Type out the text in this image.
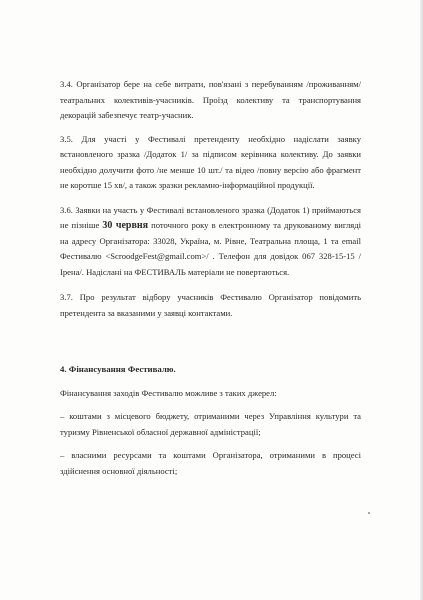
3.4. Організатор бере на себе витрати, пов'язані з перебуванням /проживанням/ театральних колективів-учасників. Проїзд колективу та транспортування декорацій забезпечує театр-учасник.

3.5. Для участі у Фестивалі претенденту необхідно надіслати заявку встановленого зразка /Додаток 1/ за підписом керівника колективу. До заявки необхідно долучити фото /не менше 10 шт./ та відео /повну версію або фрагмент не коротше 15 хв/, а також зразки рекламно-інформаційної продукції.

3.6. Заявки на участь у Фестивалі встановленого зразка (Додаток 1) приймаються не пізніше 30 червня поточного року в електронному та друкованому вигляді на адресу Організатора: 33028, Україна, м. Рівне, Театральна площа, 1 та email Фестивалю <ScroodgeFest@gmail.com>/ . Телефон для довідок 067 328-15-15 /Ірена/. Надіслані на ФЕСТИВАЛЬ матеріали не повертаються.

3.7. Про результат відбору учасників Фестивалю Організатор повідомить претендента за вказаними у заявці контактами.

4. Фінансування Фестивалю.

Фінансування заходів Фестивалю можливе з таких джерел:

– коштами з місцевого бюджету, отриманими через Управління культури та туризму Рівненської обласної державної адміністрації;

– власними ресурсами та коштами Організатора, отриманими в процесі здійснення основної діяльності;
